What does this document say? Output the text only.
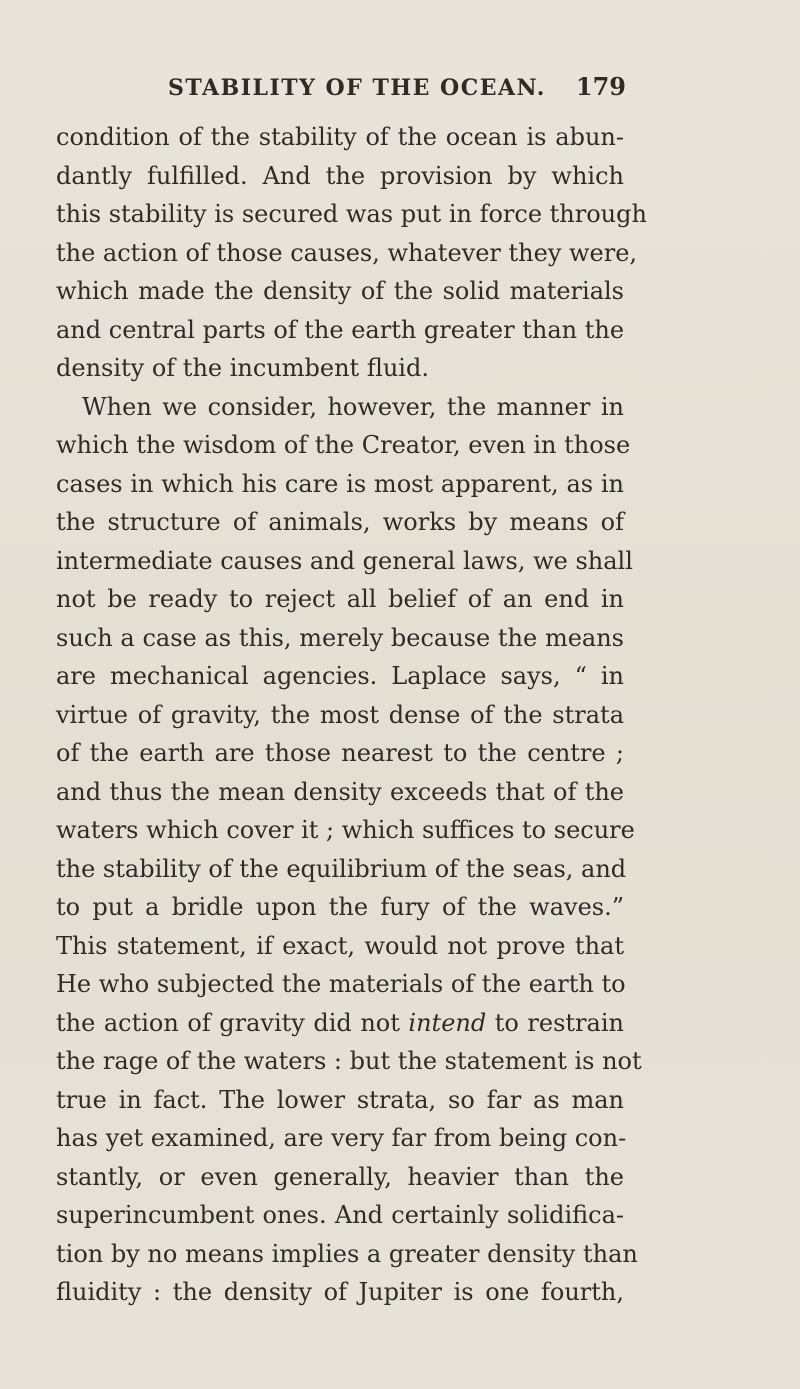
STABILITY OF THE OCEAN. 179
condition of the stability of the ocean is abun-
dantly fulfilled. And the provision by which
this stability is secured was put in force through
the action of those causes, whatever they were,
which made the density of the solid materials
and central parts of the earth greater than the
density of the incumbent fluid.
When we consider, however, the manner in
which the wisdom of the Creator, even in those
cases in which his care is most apparent, as in
the structure of animals, works by means of
intermediate causes and general laws, we shall
not be ready to reject all belief of an end in
such a case as this, merely because the means
are mechanical agencies. Laplace says, “ in
virtue of gravity, the most dense of the strata
of the earth are those nearest to the centre ;
and thus the mean density exceeds that of the
waters which cover it ; which suffices to secure
the stability of the equilibrium of the seas, and
to put a bridle upon the fury of the waves.”
This statement, if exact, would not prove that
He who subjected the materials of the earth to
the action of gravity did not intend to restrain
the rage of the waters : but the statement is not
true in fact. The lower strata, so far as man
has yet examined, are very far from being con-
stantly, or even generally, heavier than the
superincumbent ones. And certainly solidifica-
tion by no means implies a greater density than
fluidity : the density of Jupiter is one fourth,
